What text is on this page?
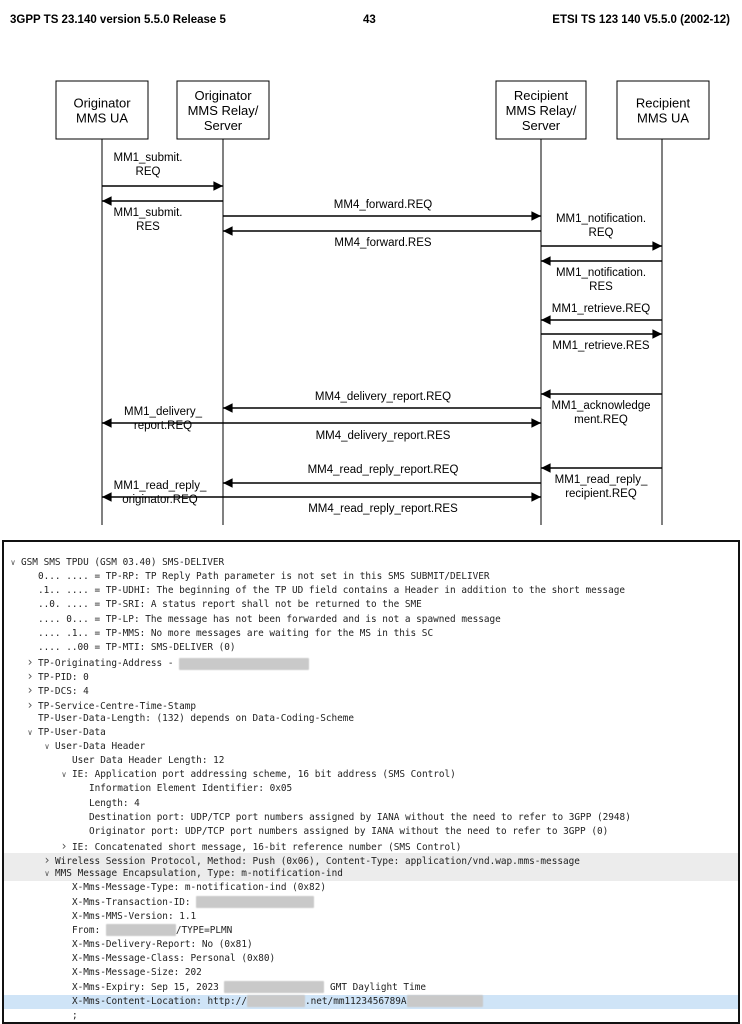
3GPP TS 23.140 version 5.5.0 Release 5	43	ETSI TS 123 140 V5.5.0 (2002-12)
Originator
MMS UA
Originator
MMS Relay/
Server
Recipient
MMS Relay/
Server
Recipient
MMS UA
MM1_submit.
REQ
MM1_submit.
RES
MM4_forward.REQ
MM4_forward.RES
MM1_notification.
REQ
MM1_notification.
RES
MM1_retrieve.REQ
MM1_retrieve.RES
MM1_acknowledge
ment.REQ
MM4_delivery_report.REQ
MM1_delivery_
report.REQ
MM4_delivery_report.RES
MM1_read_reply_
recipient.REQ
MM4_read_reply_report.REQ
MM1_read_reply_
originator.REQ
MM4_read_reply_report.RES
∨ GSM SMS TPDU (GSM 03.40) SMS-DELIVER
0... .... = TP-RP: TP Reply Path parameter is not set in this SMS SUBMIT/DELIVER
.1.. .... = TP-UDHI: The beginning of the TP UD field contains a Header in addition to the short message
..0. .... = TP-SRI: A status report shall not be returned to the SME
.... 0... = TP-LP: The message has not been forwarded and is not a spawned message
.... .1.. = TP-MMS: No more messages are waiting for the MS in this SC
.... ..00 = TP-MTI: SMS-DELIVER (0)
› TP-Originating-Address -
› TP-PID: 0
› TP-DCS: 4
› TP-Service-Centre-Time-Stamp
TP-User-Data-Length: (132) depends on Data-Coding-Scheme
∨ TP-User-Data
∨ User-Data Header
User Data Header Length: 12
∨ IE: Application port addressing scheme, 16 bit address (SMS Control)
Information Element Identifier: 0x05
Length: 4
Destination port: UDP/TCP port numbers assigned by IANA without the need to refer to 3GPP (2948)
Originator port: UDP/TCP port numbers assigned by IANA without the need to refer to 3GPP (0)
› IE: Concatenated short message, 16-bit reference number (SMS Control)
› Wireless Session Protocol, Method: Push (0x06), Content-Type: application/vnd.wap.mms-message
∨ MMS Message Encapsulation, Type: m-notification-ind
X-Mms-Message-Type: m-notification-ind (0x82)
X-Mms-Transaction-ID:
X-Mms-MMS-Version: 1.1
From:	/TYPE=PLMN
X-Mms-Delivery-Report: No (0x81)
X-Mms-Message-Class: Personal (0x80)
X-Mms-Message-Size: 202
X-Mms-Expiry: Sep 15, 2023	GMT Daylight Time
X-Mms-Content-Location: http://	.net/mm1123456789A
;
